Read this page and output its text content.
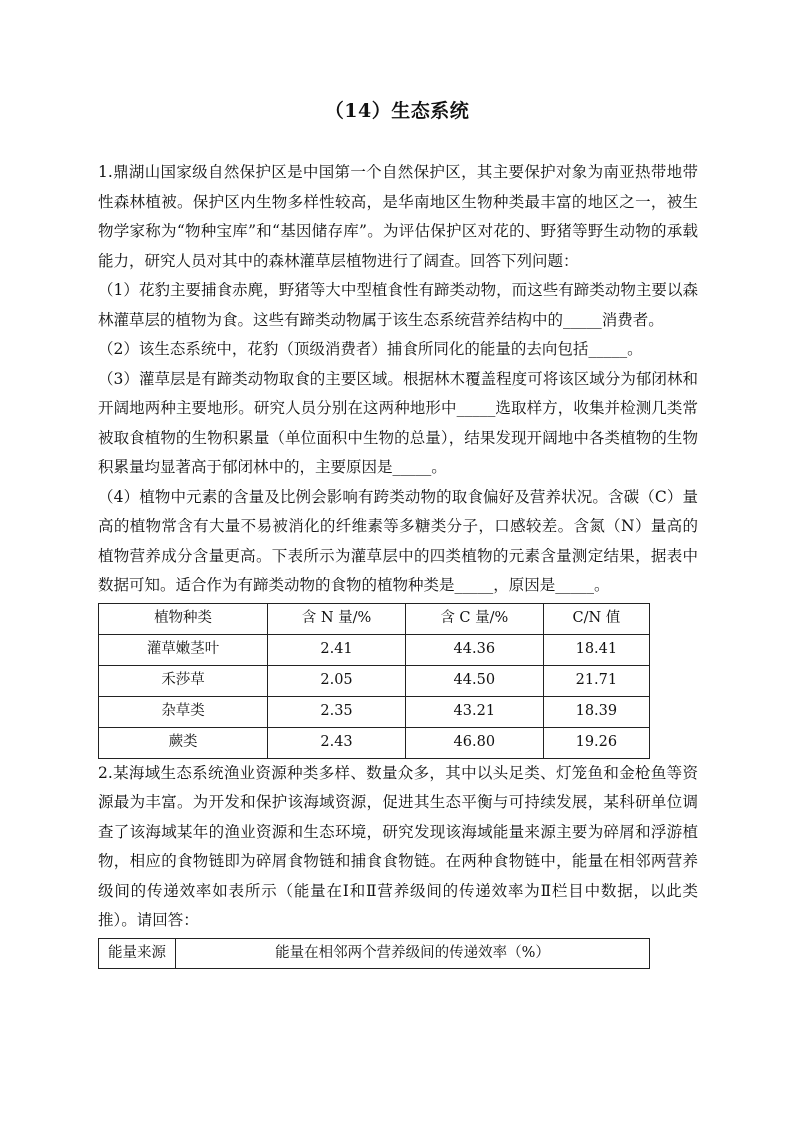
（14）生态系统

1.鼎湖山国家级自然保护区是中国第一个自然保护区，其主要保护对象为南亚热带地带性森林植被。保护区内生物多样性较高，是华南地区生物种类最丰富的地区之一，被生物学家称为“物种宝库”和“基因储存库”。为评估保护区对花的、野猪等野生动物的承载能力，研究人员对其中的森林灌草层植物进行了阔查。回答下列问题：

（1）花豹主要捕食赤麂，野猪等大中型植食性有蹄类动物，而这些有蹄类动物主要以森林灌草层的植物为食。这些有蹄类动物属于该生态系统营养结构中的_____消费者。

（2）该生态系统中，花豹（顶级消费者）捕食所同化的能量的去向包括_____。

（3）灌草层是有蹄类动物取食的主要区域。根据林木覆盖程度可将该区域分为郁闭林和开阔地两种主要地形。研究人员分别在这两种地形中_____选取样方，收集并检测几类常被取食植物的生物积累量（单位面积中生物的总量），结果发现开阔地中各类植物的生物积累量均显著高于郁闭林中的，主要原因是_____。

（4）植物中元素的含量及比例会影响有跨类动物的取食偏好及营养状况。含碳（C）量高的植物常含有大量不易被消化的纤维素等多糖类分子，口感较差。含氮（N）量高的植物营养成分含量更高。下表所示为灌草层中的四类植物的元素含量测定结果，据表中数据可知。适合作为有蹄类动物的食物的植物种类是_____，原因是_____。

植物种类	含 N 量/%	含 C 量/%	C/N 值
灌草嫩茎叶	2.41	44.36	18.41
禾莎草	2.05	44.50	21.71
杂草类	2.35	43.21	18.39
蕨类	2.43	46.80	19.26

2.某海域生态系统渔业资源种类多样、数量众多，其中以头足类、灯笼鱼和金枪鱼等资源最为丰富。为开发和保护该海域资源，促进其生态平衡与可持续发展，某科研单位调查了该海域某年的渔业资源和生态环境，研究发现该海域能量来源主要为碎屑和浮游植物，相应的食物链即为碎屑食物链和捕食食物链。在两种食物链中，能量在相邻两营养级间的传递效率如表所示（能量在Ⅰ和Ⅱ营养级间的传递效率为Ⅱ栏目中数据，以此类推）。请回答：

能量来源	能量在相邻两个营养级间的传递效率（%）
